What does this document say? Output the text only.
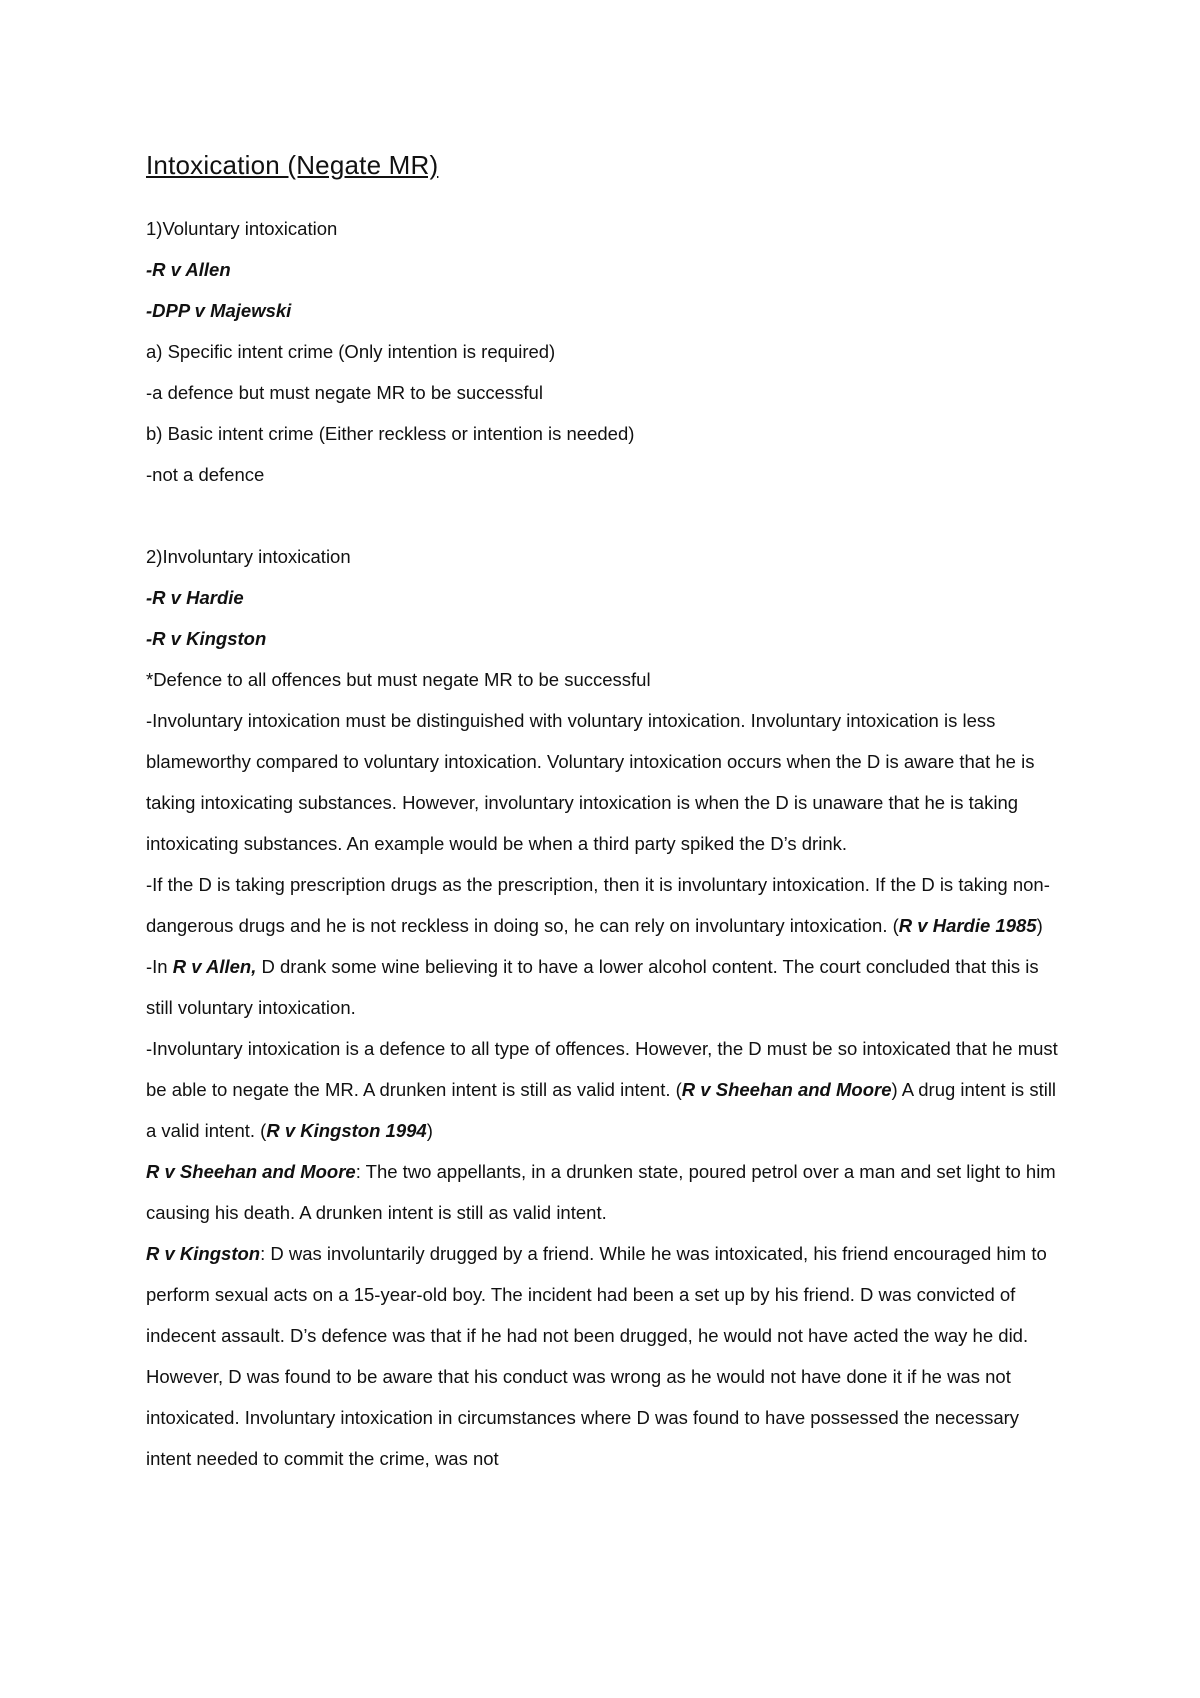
Intoxication (Negate MR)
1)Voluntary intoxication
-R v Allen
-DPP v Majewski
a) Specific intent crime (Only intention is required)
-a defence but must negate MR to be successful
b) Basic intent crime (Either reckless or intention is needed)
-not a defence
2)Involuntary intoxication
-R v Hardie
-R v Kingston
*Defence to all offences but must negate MR to be successful
-Involuntary intoxication must be distinguished with voluntary intoxication. Involuntary intoxication is less blameworthy compared to voluntary intoxication. Voluntary intoxication occurs when the D is aware that he is taking intoxicating substances. However, involuntary intoxication is when the D is unaware that he is taking intoxicating substances. An example would be when a third party spiked the D’s drink.
-If the D is taking prescription drugs as the prescription, then it is involuntary intoxication. If the D is taking non-dangerous drugs and he is not reckless in doing so, he can rely on involuntary intoxication. (R v Hardie 1985)
-In R v Allen, D drank some wine believing it to have a lower alcohol content. The court concluded that this is still voluntary intoxication.
-Involuntary intoxication is a defence to all type of offences. However, the D must be so intoxicated that he must be able to negate the MR. A drunken intent is still as valid intent. (R v Sheehan and Moore) A drug intent is still a valid intent. (R v Kingston 1994)
R v Sheehan and Moore: The two appellants, in a drunken state, poured petrol over a man and set light to him causing his death. A drunken intent is still as valid intent.
R v Kingston: D was involuntarily drugged by a friend. While he was intoxicated, his friend encouraged him to perform sexual acts on a 15-year-old boy. The incident had been a set up by his friend. D was convicted of indecent assault. D’s defence was that if he had not been drugged, he would not have acted the way he did. However, D was found to be aware that his conduct was wrong as he would not have done it if he was not intoxicated. Involuntary intoxication in circumstances where D was found to have possessed the necessary intent needed to commit the crime, was not
